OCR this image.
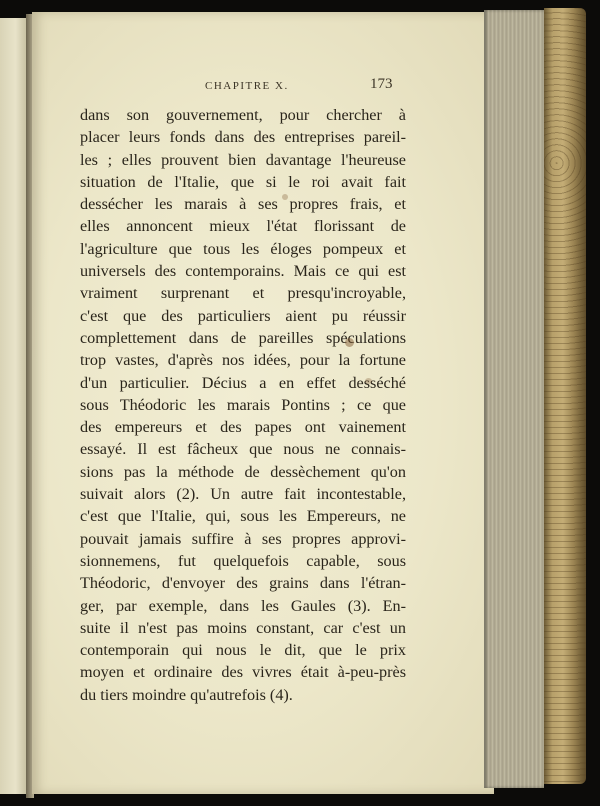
CHAPITRE X.	173
dans son gouvernement, pour chercher à
placer leurs fonds dans des entreprises pareil-
les ; elles prouvent bien davantage l'heureuse
situation de l'Italie, que si le roi avait fait
dessécher les marais à ses propres frais, et
elles annoncent mieux l'état florissant de
l'agriculture que tous les éloges pompeux et
universels des contemporains. Mais ce qui est
vraiment surprenant et presqu'incroyable,
c'est que des particuliers aient pu réussir
complettement dans de pareilles spéculations
trop vastes, d'après nos idées, pour la fortune
d'un particulier. Décius a en effet desséché
sous Théodoric les marais Pontins ; ce que
des empereurs et des papes ont vainement
essayé. Il est fâcheux que nous ne connais-
sions pas la méthode de dessèchement qu'on
suivait alors (2). Un autre fait incontestable,
c'est que l'Italie, qui, sous les Empereurs, ne
pouvait jamais suffire à ses propres approvi-
sionnemens, fut quelquefois capable, sous
Théodoric, d'envoyer des grains dans l'étran-
ger, par exemple, dans les Gaules (3). En-
suite il n'est pas moins constant, car c'est un
contemporain qui nous le dit, que le prix
moyen et ordinaire des vivres était à-peu-près
du tiers moindre qu'autrefois (4).
